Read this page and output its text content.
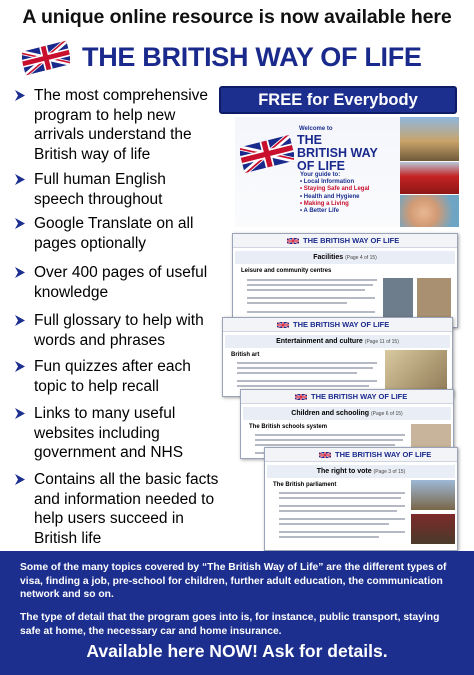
A unique online resource is now available here
THE BRITISH WAY OF LIFE
The most comprehensive program to help new arrivals understand the British way of life
Full human English speech throughout
Google Translate on all pages optionally
Over 400 pages of useful knowledge
Full glossary to help with words and phrases
Fun quizzes after each topic to help recall
Links to many useful websites including government and NHS
Contains all the basic facts and information needed to help users succeed in British life
FREE for Everybody
Welcome to
THE
BRITISH WAY
OF LIFE
Your guide to:
• Local Information
• Staying Safe and Legal
• Health and Hygiene
• Making a Living
• A Better Life
THE BRITISH WAY OF LIFE
Facilities (Page 4 of 15)
Leisure and community centres
THE BRITISH WAY OF LIFE
Entertainment and culture (Page 11 of 15)
British art
THE BRITISH WAY OF LIFE
Children and schooling (Page 6 of 15)
The British schools system
THE BRITISH WAY OF LIFE
The right to vote (Page 3 of 15)
The British parliament
Some of the many topics covered by “The British Way of Life” are the different types of visa, finding a job, pre-school for children, further adult education, the communication network and so on.
The type of detail that the program goes into is, for instance, public transport, staying safe at home, the necessary car and home insurance.
Available here NOW! Ask for details.
